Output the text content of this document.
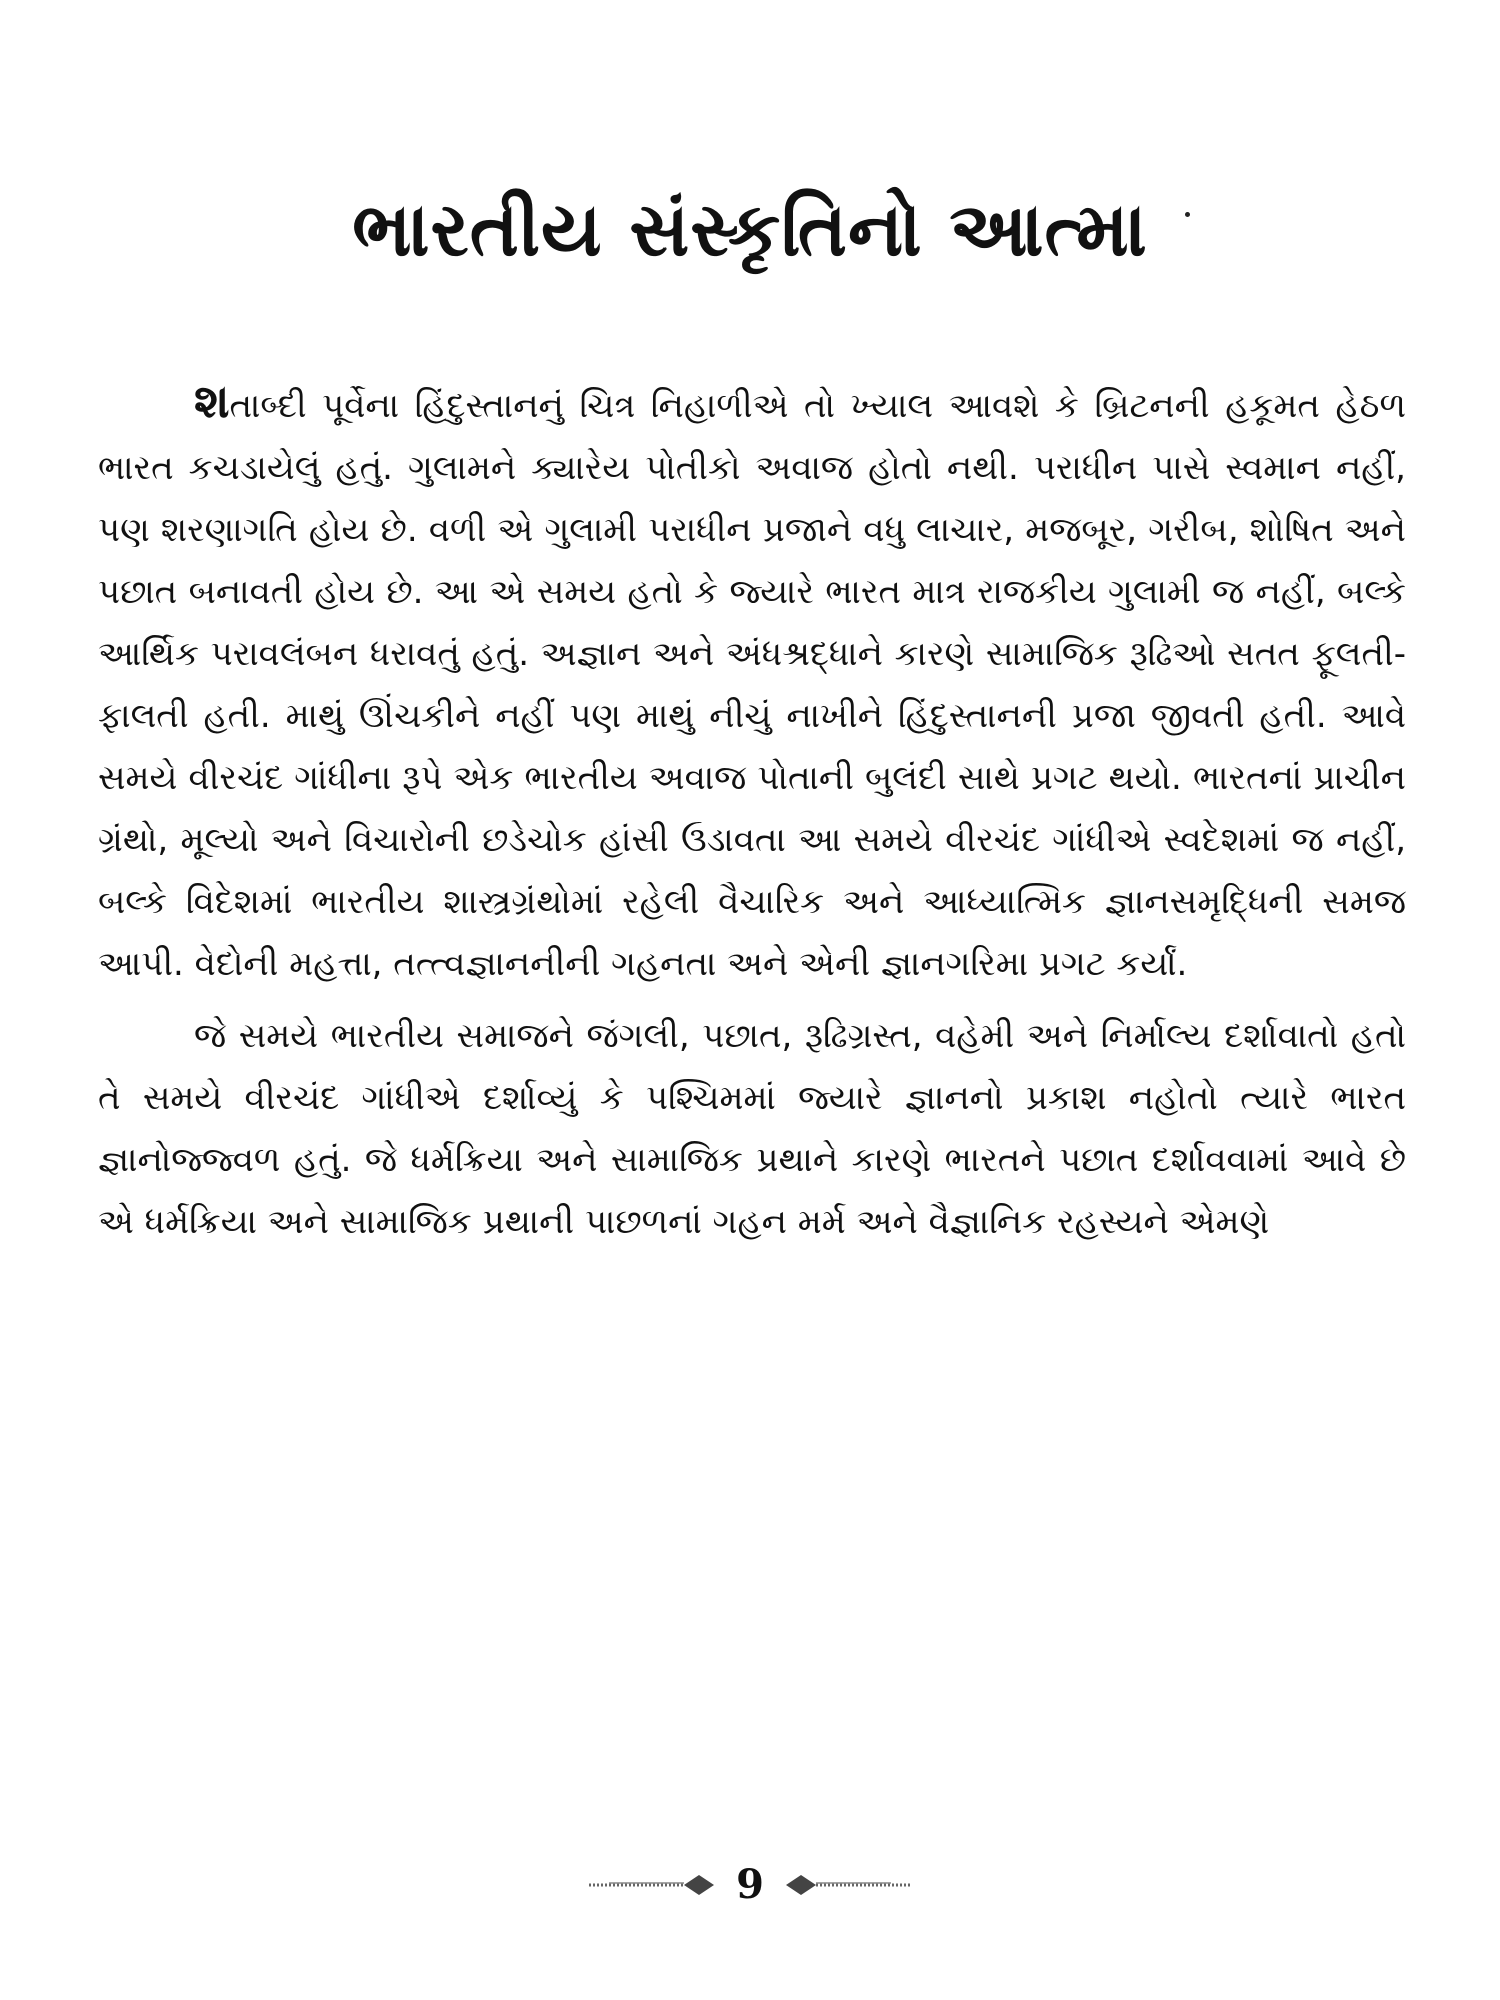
ભારતીય સંસ્કૃતિનો આત્મા

શતાબ્દી પૂર્વેના હિંદુસ્તાનનું ચિત્ર નિહાળીએ તો ખ્યાલ આવશે કે બ્રિટનની હકૂમત હેઠળ ભારત કચડાયેલું હતું. ગુલામને ક્યારેય પોતીકો અવાજ હોતો નથી. પરાધીન પાસે સ્વમાન નહીં, પણ શરણાગતિ હોય છે. વળી એ ગુલામી પરાધીન પ્રજાને વધુ લાચાર, મજબૂર, ગરીબ, શોષિત અને પછાત બનાવતી હોય છે. આ એ સમય હતો કે જ્યારે ભારત માત્ર રાજકીય ગુલામી જ નહીં, બલ્કે આર્થિક પરાવલંબન ધરાવતું હતું. અજ્ઞાન અને અંધશ્રદ્ધાને કારણે સામાજિક રૂઢિઓ સતત ફૂલતી-ફાલતી હતી. માથું ઊંચકીને નહીં પણ માથું નીચું નાખીને હિંદુસ્તાનની પ્રજા જીવતી હતી. આવે સમયે વીરચંદ ગાંધીના રૂપે એક ભારતીય અવાજ પોતાની બુલંદી સાથે પ્રગટ થયો. ભારતનાં પ્રાચીન ગ્રંથો, મૂલ્યો અને વિચારોની છડેચોક હાંસી ઉડાવતા આ સમયે વીરચંદ ગાંધીએ સ્વદેશમાં જ નહીં, બલ્કે વિદેશમાં ભારતીય શાસ્ત્રગ્રંથોમાં રહેલી વૈચારિક અને આધ્યાત્મિક જ્ઞાનસમૃદ્ધિની સમજ આપી. વેદોની મહત્તા, તત્ત્વજ્ઞાનનીની ગહનતા અને એની જ્ઞાનગરિમા પ્રગટ કર્યાં.

જે સમયે ભારતીય સમાજને જંગલી, પછાત, રૂઢિગ્રસ્ત, વહેમી અને નિર્માલ્ય દર્શાવાતો હતો તે સમયે વીરચંદ ગાંધીએ દર્શાવ્યું કે પશ્ચિમમાં જ્યારે જ્ઞાનનો પ્રકાશ નહોતો ત્યારે ભારત જ્ઞાનોજ્જ્વળ હતું. જે ધર્મક્રિયા અને સામાજિક પ્રથાને કારણે ભારતને પછાત દર્શાવવામાં આવે છે એ ધર્મક્રિયા અને સામાજિક પ્રથાની પાછળનાં ગહન મર્મ અને વૈજ્ઞાનિક રહસ્યને એમણે

9
